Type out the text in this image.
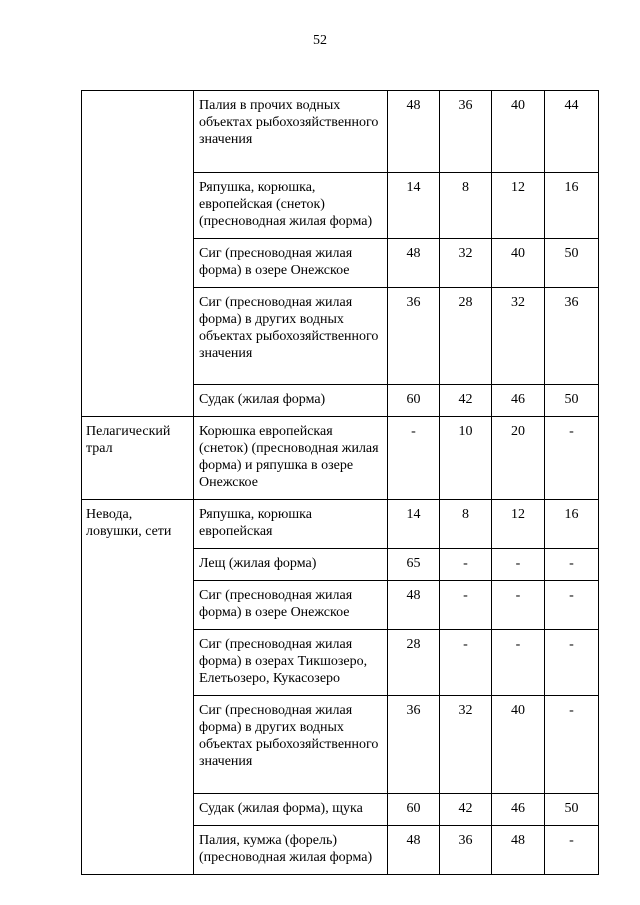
52
	Палия в прочих водных объектах рыбохозяйственного значения	48	36	40	44
	Ряпушка, корюшка, европейская (снеток) (пресноводная жилая форма)	14	8	12	16
	Сиг (пресноводная жилая форма) в озере Онежское	48	32	40	50
	Сиг (пресноводная жилая форма) в других водных объектах рыбохозяйственного значения	36	28	32	36
	Судак (жилая форма)	60	42	46	50
Пелагический трал	Корюшка европейская (снеток) (пресноводная жилая форма) и ряпушка в озере Онежское	-	10	20	-
Невода, ловушки, сети	Ряпушка, корюшка европейская	14	8	12	16
	Лещ (жилая форма)	65	-	-	-
	Сиг (пресноводная жилая форма) в озере Онежское	48	-	-	-
	Сиг (пресноводная жилая форма) в озерах Тикшозеро, Елетьозеро, Кукасозеро	28	-	-	-
	Сиг (пресноводная жилая форма) в других водных объектах рыбохозяйственного значения	36	32	40	-
	Судак (жилая форма), щука	60	42	46	50
	Палия, кумжа (форель) (пресноводная жилая форма)	48	36	48	-
